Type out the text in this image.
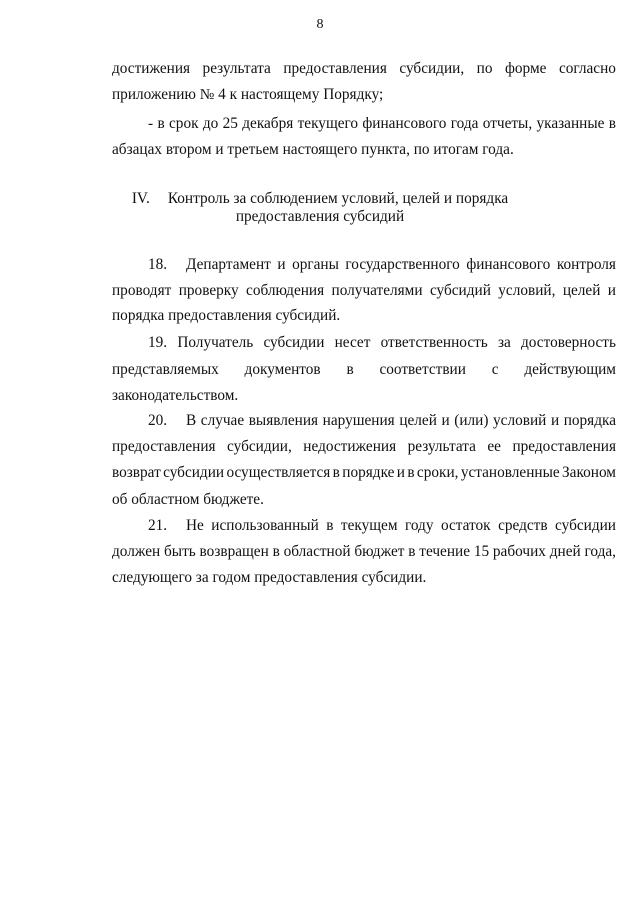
8
достижения результата предоставления субсидии, по форме согласно
приложению № 4 к настоящему Порядку;
- в срок до 25 декабря текущего финансового года отчеты, указанные в
абзацах втором и третьем настоящего пункта, по итогам года.
IV. Контроль за соблюдением условий, целей и порядка
предоставления субсидий
18. Департамент и органы государственного финансового контроля
проводят проверку соблюдения получателями субсидий условий, целей и
порядка предоставления субсидий.
19. Получатель субсидии несет ответственность за достоверность
представляемых документов в соответствии с действующим
законодательством.
20. В случае выявления нарушения целей и (или) условий и порядка
предоставления субсидии, недостижения результата ее предоставления
возврат субсидии осуществляется в порядке и в сроки, установленные Законом
об областном бюджете.
21. Не использованный в текущем году остаток средств субсидии
должен быть возвращен в областной бюджет в течение 15 рабочих дней года,
следующего за годом предоставления субсидии.
